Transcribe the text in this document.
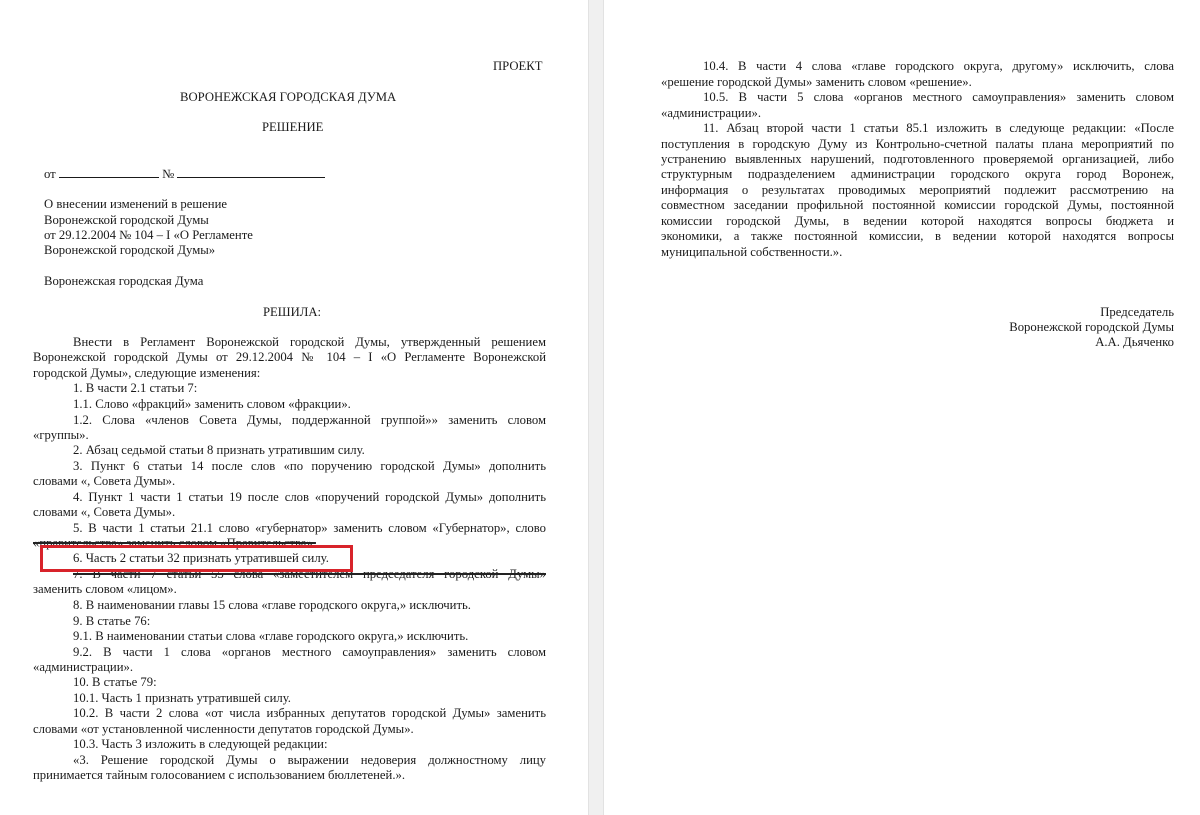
ПРОЕКТ
ВОРОНЕЖСКАЯ ГОРОДСКАЯ ДУМА
РЕШЕНИЕ
от	№
О внесении изменений в решение
Воронежской городской Думы
от 29.12.2004 № 104 – I «О Регламенте
Воронежской городской Думы»
Воронежская городская Дума
РЕШИЛА:
Внести в Регламент Воронежской городской Думы, утвержденный решением
Воронежской городской Думы от 29.12.2004 № 104 – I «О Регламенте Воронежской
городской Думы», следующие изменения:
1. В части 2.1 статьи 7:
1.1. Слово «фракций» заменить словом «фракции».
1.2. Слова «членов Совета Думы, поддержанной группой»» заменить словом
«группы».
2. Абзац седьмой статьи 8 признать утратившим силу.
3. Пункт 6 статьи 14 после слов «по поручению городской Думы» дополнить
словами «, Совета Думы».
4. Пункт 1 части 1 статьи 19 после слов «поручений городской Думы» дополнить
словами «, Совета Думы».
5. В части 1 статьи 21.1 слово «губернатор» заменить словом «Губернатор», слово
«правительства» заменить словом «Правительства».
6. Часть 2 статьи 32 признать утратившей силу.
7. В части 7 статьи 55 слова «заместителем председателя городской Думы»
заменить словом «лицом».
8. В наименовании главы 15 слова «главе городского округа,» исключить.
9. В статье 76:
9.1. В наименовании статьи слова «главе городского округа,» исключить.
9.2. В части 1 слова «органов местного самоуправления» заменить словом
«администрации».
10. В статье 79:
10.1. Часть 1 признать утратившей силу.
10.2. В части 2 слова «от числа избранных депутатов городской Думы» заменить
словами «от установленной численности депутатов городской Думы».
10.3. Часть 3 изложить в следующей редакции:
«3. Решение городской Думы о выражении недоверия должностному лицу
принимается тайным голосованием с использованием бюллетеней.».
10.4. В части 4 слова «главе городского округа, другому» исключить, слова
«решение городской Думы» заменить словом «решение».
10.5. В части 5 слова «органов местного самоуправления» заменить словом
«администрации».
11. Абзац второй части 1 статьи 85.1 изложить в следующе редакции: «После
поступления в городскую Думу из Контрольно-счетной палаты плана мероприятий по
устранению выявленных нарушений, подготовленного проверяемой организацией, либо
структурным подразделением администрации городского округа город Воронеж,
информация о результатах проводимых мероприятий подлежит рассмотрению на
совместном заседании профильной постоянной комиссии городской Думы, постоянной
комиссии городской Думы, в ведении которой находятся вопросы бюджета и
экономики, а также постоянной комиссии, в ведении которой находятся вопросы
муниципальной собственности.».
Председатель
Воронежской городской Думы
А.А. Дьяченко
